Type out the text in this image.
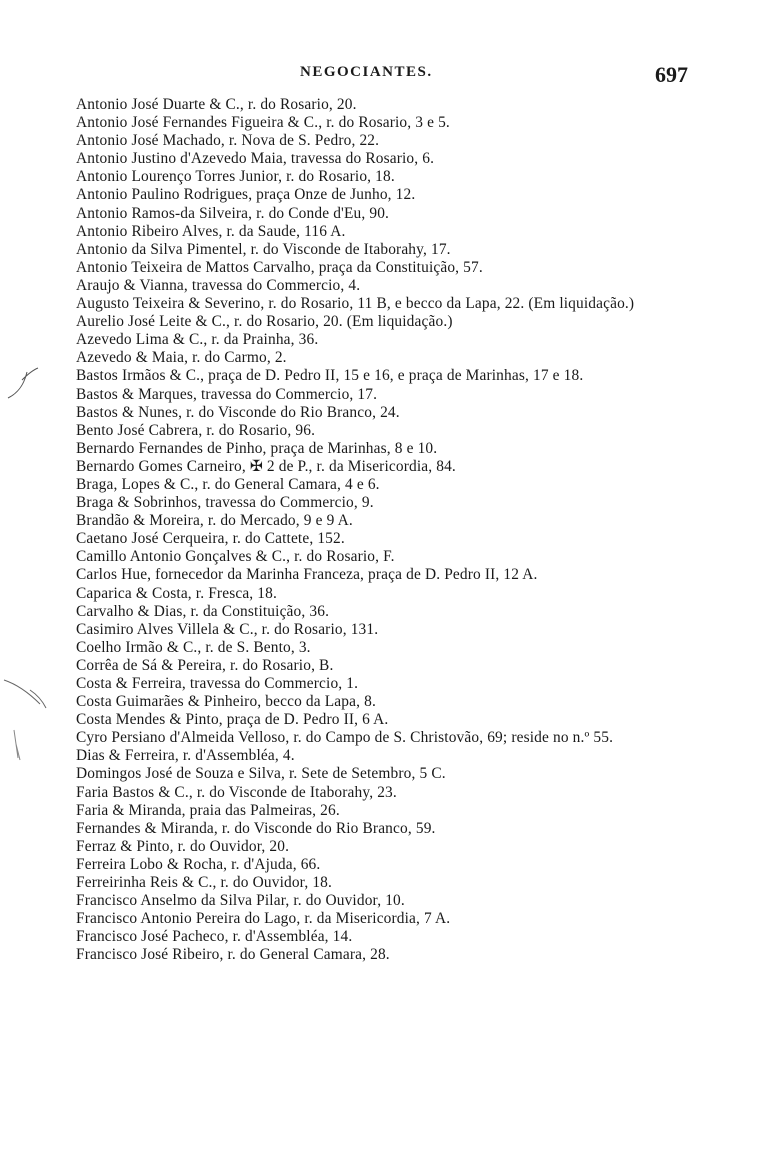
NEGOCIANTES.	697
Antonio José Duarte & C., r. do Rosario, 20.
Antonio José Fernandes Figueira & C., r. do Rosario, 3 e 5.
Antonio José Machado, r. Nova de S. Pedro, 22.
Antonio Justino d'Azevedo Maia, travessa do Rosario, 6.
Antonio Lourenço Torres Junior, r. do Rosario, 18.
Antonio Paulino Rodrigues, praça Onze de Junho, 12.
Antonio Ramos-da Silveira, r. do Conde d'Eu, 90.
Antonio Ribeiro Alves, r. da Saude, 116 A.
Antonio da Silva Pimentel, r. do Visconde de Itaborahy, 17.
Antonio Teixeira de Mattos Carvalho, praça da Constituição, 57.
Araujo & Vianna, travessa do Commercio, 4.
Augusto Teixeira & Severino, r. do Rosario, 11 B, e becco da Lapa, 22. (Em liquidação.)
Aurelio José Leite & C., r. do Rosario, 20. (Em liquidação.)
Azevedo Lima & C., r. da Prainha, 36.
Azevedo & Maia, r. do Carmo, 2.
Bastos Irmãos & C., praça de D. Pedro II, 15 e 16, e praça de Marinhas, 17 e 18.
Bastos & Marques, travessa do Commercio, 17.
Bastos & Nunes, r. do Visconde do Rio Branco, 24.
Bento José Cabrera, r. do Rosario, 96.
Bernardo Fernandes de Pinho, praça de Marinhas, 8 e 10.
Bernardo Gomes Carneiro, ✠ 2 de P., r. da Misericordia, 84.
Braga, Lopes & C., r. do General Camara, 4 e 6.
Braga & Sobrinhos, travessa do Commercio, 9.
Brandão & Moreira, r. do Mercado, 9 e 9 A.
Caetano José Cerqueira, r. do Cattete, 152.
Camillo Antonio Gonçalves & C., r. do Rosario, F.
Carlos Hue, fornecedor da Marinha Franceza, praça de D. Pedro II, 12 A.
Caparica & Costa, r. Fresca, 18.
Carvalho & Dias, r. da Constituição, 36.
Casimiro Alves Villela & C., r. do Rosario, 131.
Coelho Irmão & C., r. de S. Bento, 3.
Corrêa de Sá & Pereira, r. do Rosario, B.
Costa & Ferreira, travessa do Commercio, 1.
Costa Guimarães & Pinheiro, becco da Lapa, 8.
Costa Mendes & Pinto, praça de D. Pedro II, 6 A.
Cyro Persiano d'Almeida Velloso, r. do Campo de S. Christovão, 69; reside no n.º 55.
Dias & Ferreira, r. d'Assembléa, 4.
Domingos José de Souza e Silva, r. Sete de Setembro, 5 C.
Faria Bastos & C., r. do Visconde de Itaborahy, 23.
Faria & Miranda, praia das Palmeiras, 26.
Fernandes & Miranda, r. do Visconde do Rio Branco, 59.
Ferraz & Pinto, r. do Ouvidor, 20.
Ferreira Lobo & Rocha, r. d'Ajuda, 66.
Ferreirinha Reis & C., r. do Ouvidor, 18.
Francisco Anselmo da Silva Pilar, r. do Ouvidor, 10.
Francisco Antonio Pereira do Lago, r. da Misericordia, 7 A.
Francisco José Pacheco, r. d'Assembléa, 14.
Francisco José Ribeiro, r. do General Camara, 28.
